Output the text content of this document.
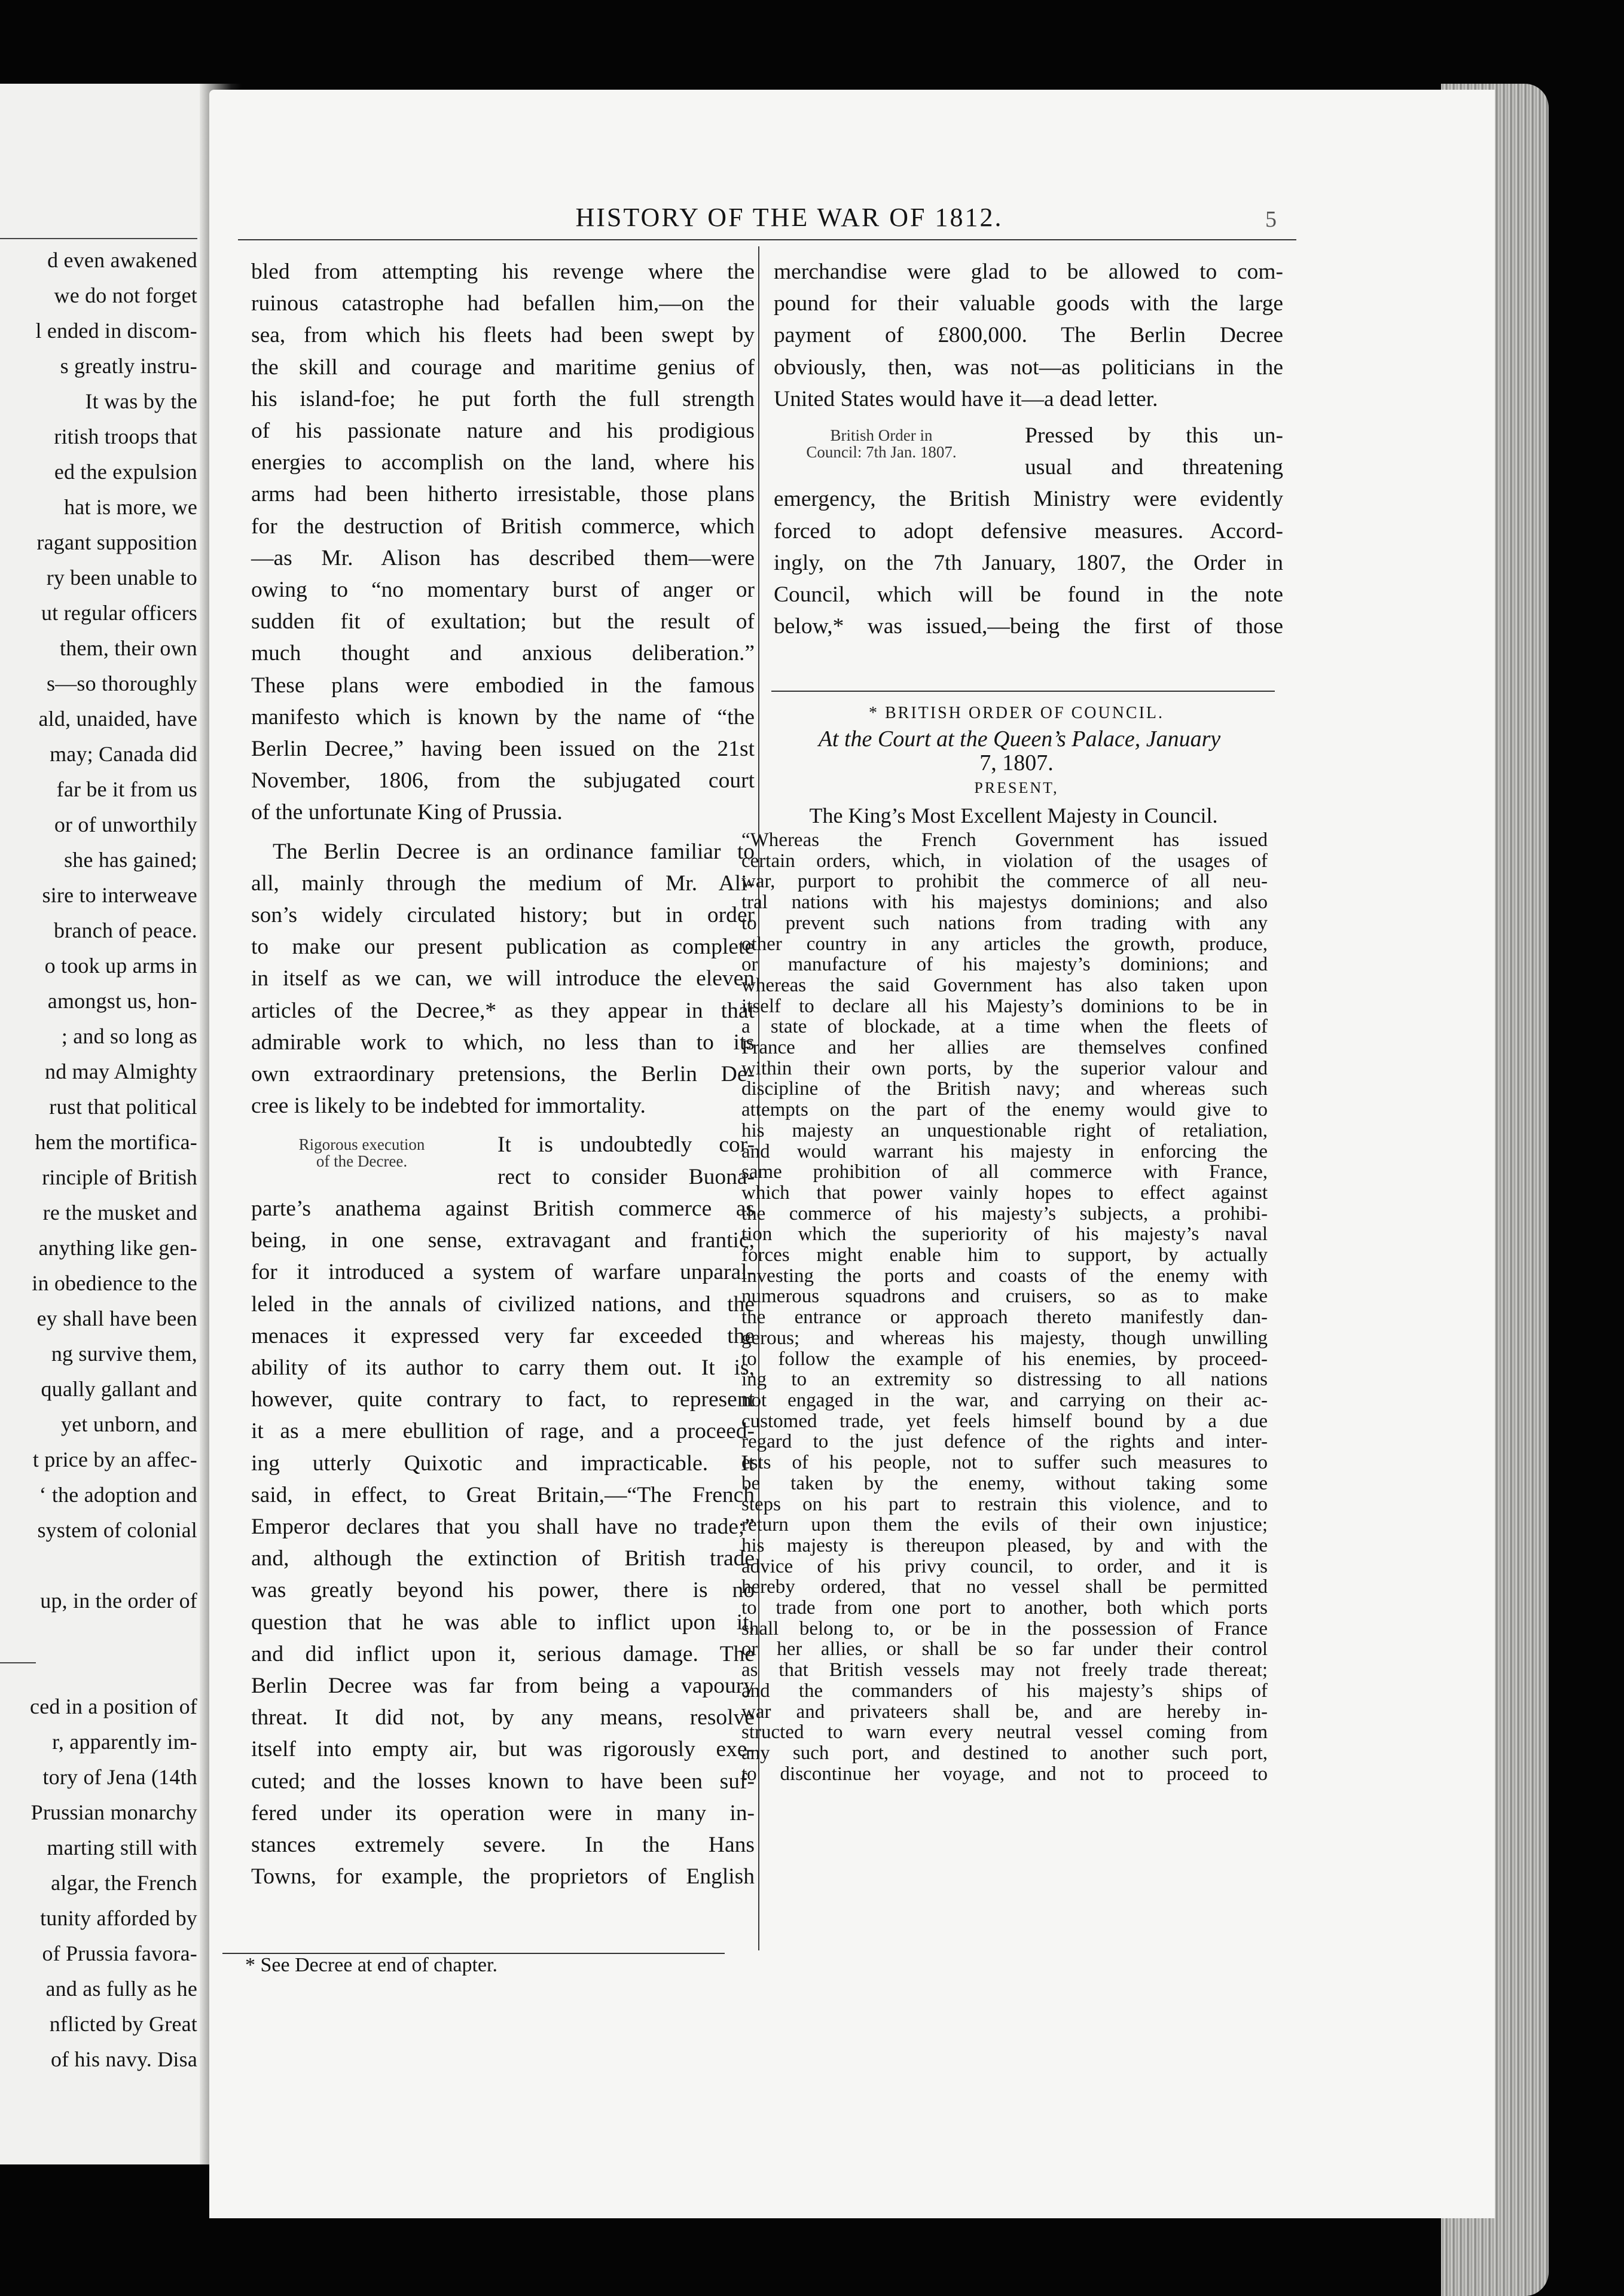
d even awakened
we do not forget
l ended in discom-
s greatly instru-
It was by the
ritish troops that
ed the expulsion
hat is more, we
ragant supposition
ry been unable to
ut regular officers
them, their own
s—so thoroughly
ald, unaided, have
may; Canada did
far be it from us
or of unworthily
she has gained;
sire to interweave
branch of peace.
o took up arms in
amongst us, hon-
; and so long as
nd may Almighty
rust that political
hem the mortifica-
rinciple of British
re the musket and
anything like gen-
in obedience to the
ey shall have been
ng survive them,
qually gallant and
yet unborn, and
t price by an affec-
‘ the adoption and
system of colonial
up, in the order of
ced in a position of
r, apparently im-
tory of Jena (14th
Prussian monarchy
marting still with
algar, the French
tunity afforded by
of Prussia favora-
and as fully as he
nflicted by Great
of his navy. Disa
HISTORY OF THE WAR OF 1812.	5
bled from attempting his revenge where the
ruinous catastrophe had befallen him,—on the
sea, from which his fleets had been swept by
the skill and courage and maritime genius of
his island-foe; he put forth the full strength
of his passionate nature and his prodigious
energies to accomplish on the land, where his
arms had been hitherto irresistable, those plans
for the destruction of British commerce, which
—as Mr. Alison has described them—were
owing to “no momentary burst of anger or
sudden fit of exultation; but the result of
much thought and anxious deliberation.”
These plans were embodied in the famous
manifesto which is known by the name of “the
Berlin Decree,” having been issued on the 21st
November, 1806, from the subjugated court
of the unfortunate King of Prussia.
The Berlin Decree is an ordinance familiar to
all, mainly through the medium of Mr. Ali-
son’s widely circulated history; but in order
to make our present publication as complete
in itself as we can, we will introduce the eleven
articles of the Decree,* as they appear in that
admirable work to which, no less than to its
own extraordinary pretensions, the Berlin De-
cree is likely to be indebted for immortality.
Rigorous execution
of the Decree.
It is undoubtedly cor-
rect to consider Buona-
parte’s anathema against British commerce as
being, in one sense, extravagant and frantic,
for it introduced a system of warfare unparal-
leled in the annals of civilized nations, and the
menaces it expressed very far exceeded the
ability of its author to carry them out. It is,
however, quite contrary to fact, to represent
it as a mere ebullition of rage, and a proceed-
ing utterly Quixotic and impracticable. It
said, in effect, to Great Britain,—“The French
Emperor declares that you shall have no trade;”
and, although the extinction of British trade
was greatly beyond his power, there is no
question that he was able to inflict upon it,
and did inflict upon it, serious damage. The
Berlin Decree was far from being a vapoury
threat. It did not, by any means, resolve
itself into empty air, but was rigorously exe-
cuted; and the losses known to have been suf-
fered under its operation were in many in-
stances extremely severe. In the Hans
Towns, for example, the proprietors of English
* See Decree at end of chapter.
merchandise were glad to be allowed to com-
pound for their valuable goods with the large
payment of £800,000. The Berlin Decree
obviously, then, was not—as politicians in the
United States would have it—a dead letter.
British Order in
Council: 7th Jan. 1807.
Pressed by this un-
usual and threatening
emergency, the British Ministry were evidently
forced to adopt defensive measures. Accord-
ingly, on the 7th January, 1807, the Order in
Council, which will be found in the note
below,* was issued,—being the first of those
* BRITISH ORDER OF COUNCIL.
At the Court at the Queen’s Palace, January
7, 1807.
PRESENT,
The King’s Most Excellent Majesty in Council.
“Whereas the French Government has issued
certain orders, which, in violation of the usages of
war, purport to prohibit the commerce of all neu-
tral nations with his majestys dominions; and also
to prevent such nations from trading with any
other country in any articles the growth, produce,
or manufacture of his majesty’s dominions; and
whereas the said Government has also taken upon
itself to declare all his Majesty’s dominions to be in
a state of blockade, at a time when the fleets of
France and her allies are themselves confined
within their own ports, by the superior valour and
discipline of the British navy; and whereas such
attempts on the part of the enemy would give to
his majesty an unquestionable right of retaliation,
and would warrant his majesty in enforcing the
same prohibition of all commerce with France,
which that power vainly hopes to effect against
the commerce of his majesty’s subjects, a prohibi-
tion which the superiority of his majesty’s naval
forces might enable him to support, by actually
investing the ports and coasts of the enemy with
numerous squadrons and cruisers, so as to make
the entrance or approach thereto manifestly dan-
gerous; and whereas his majesty, though unwilling
to follow the example of his enemies, by proceed-
ing to an extremity so distressing to all nations
not engaged in the war, and carrying on their ac-
customed trade, yet feels himself bound by a due
regard to the just defence of the rights and inter-
ests of his people, not to suffer such measures to
be taken by the enemy, without taking some
steps on his part to restrain this violence, and to
return upon them the evils of their own injustice;
his majesty is thereupon pleased, by and with the
advice of his privy council, to order, and it is
hereby ordered, that no vessel shall be permitted
to trade from one port to another, both which ports
shall belong to, or be in the possession of France
or her allies, or shall be so far under their control
as that British vessels may not freely trade thereat;
and the commanders of his majesty’s ships of
war and privateers shall be, and are hereby in-
structed to warn every neutral vessel coming from
any such port, and destined to another such port,
to discontinue her voyage, and not to proceed to
